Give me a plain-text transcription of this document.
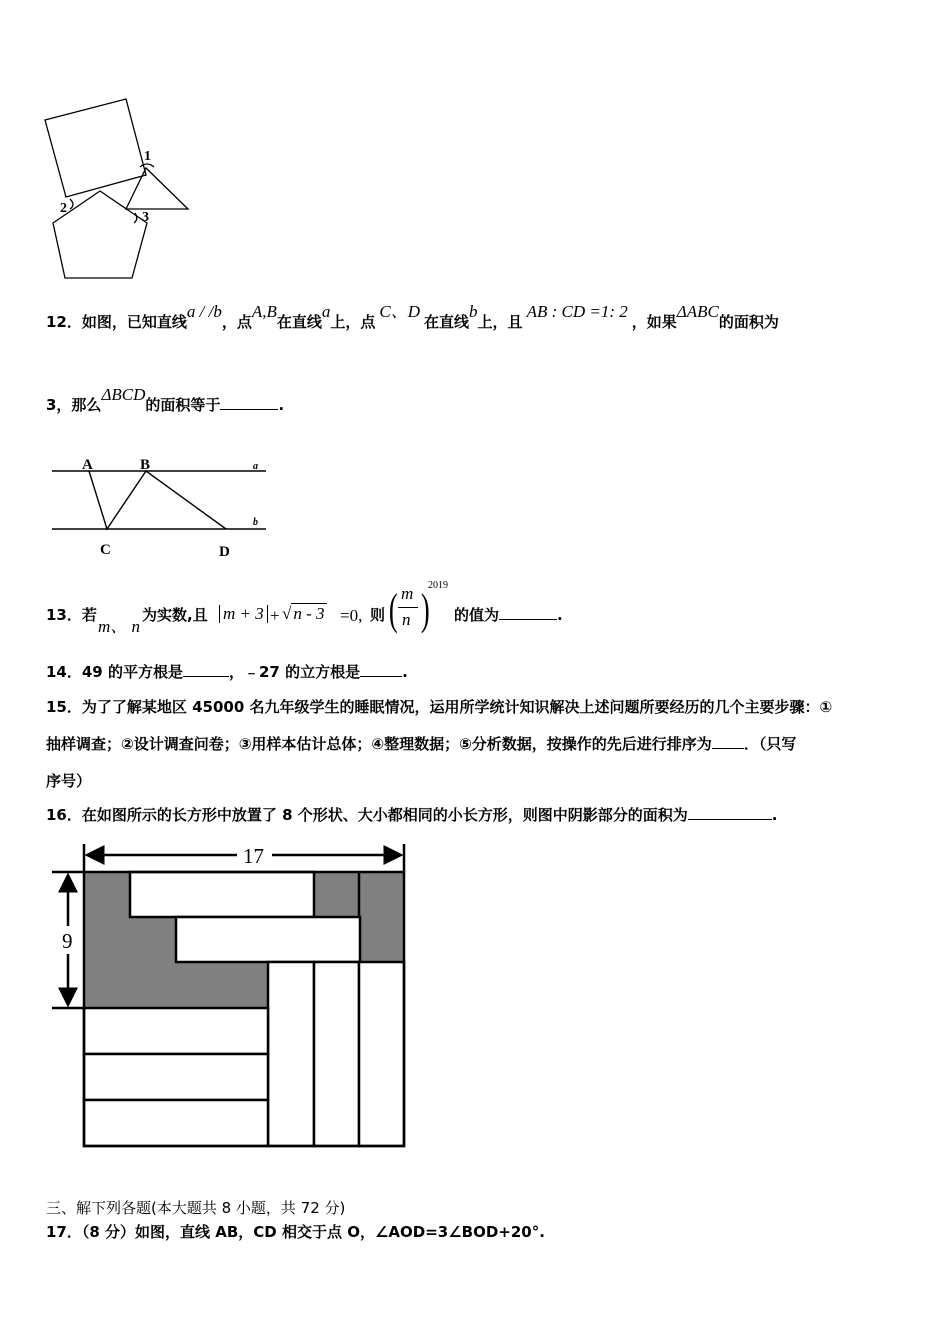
1
2
3
12．如图，已知直线a / /b，点A,B在直线a上，点C、D在直线b上，且AB : CD =1: 2，如果ΔABC的面积为
3，那么ΔBCD的面积等于	.
A	B	a
b
C	D
13．若
m、 n
为实数,且 m + 3 + √ n - 3 =0, 则 ( m
n )
2019
的值为	.
14．49 的平方根是	，﹣27 的立方根是	.
15．为了了解某地区 45000 名九年级学生的睡眠情况，运用所学统计知识解决上述问题所要经历的几个主要步骤：①
抽样调查；②设计调查问卷；③用样本估计总体；④整理数据；⑤分析数据，按操作的先后进行排序为 ．（只写
序号）
16．在如图所示的长方形中放置了 8 个形状、大小都相同的小长方形，则图中阴影部分的面积为	.
17
9
三、解下列各题(本大题共 8 小题，共 72 分)
17．（8 分）如图，直线 AB，CD 相交于点 O，∠AOD=3∠BOD+20°.
